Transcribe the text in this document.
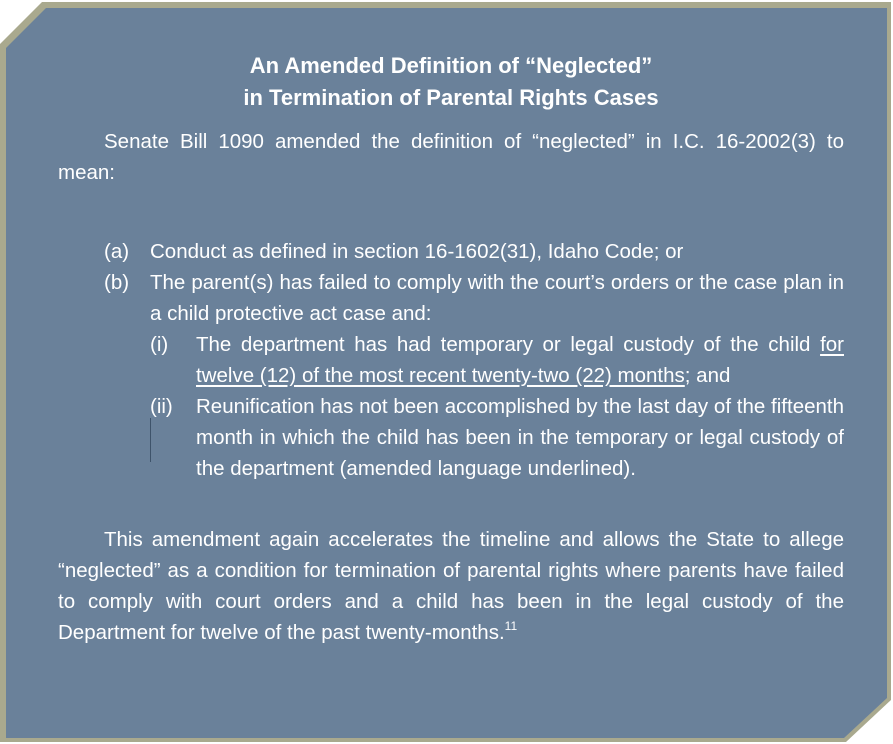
An Amended Definition of “Neglected”
in Termination of Parental Rights Cases

Senate Bill 1090 amended the definition of “neglected” in I.C. 16-2002(3) to mean:

(a) Conduct as defined in section 16-1602(31), Idaho Code; or
(b) The parent(s) has failed to comply with the court’s orders or the case plan in a child protective act case and:
(i) The department has had temporary or legal custody of the child for twelve (12) of the most recent twenty-two (22) months; and
(ii) Reunification has not been accomplished by the last day of the fifteenth month in which the child has been in the temporary or legal custody of the department (amended language underlined).

This amendment again accelerates the timeline and allows the State to allege “neglected” as a condition for termination of parental rights where parents have failed to comply with court orders and a child has been in the legal custody of the Department for twelve of the past twenty-months.$^{11}$
